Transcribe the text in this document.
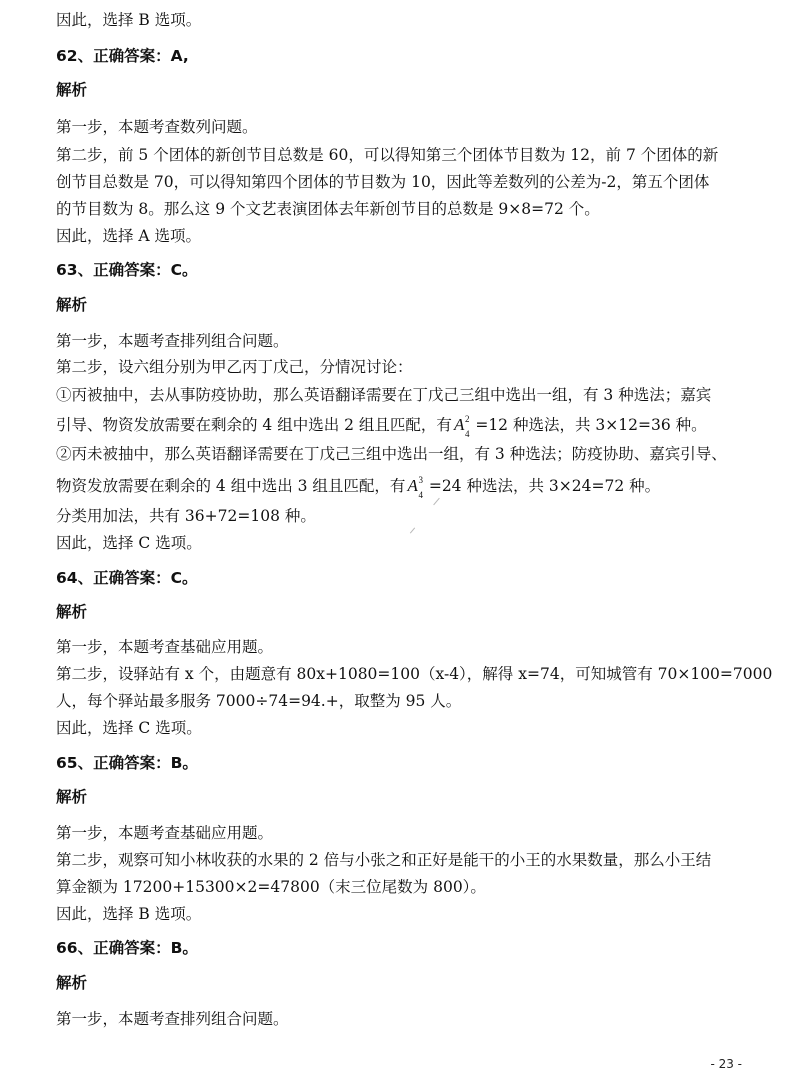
因此，选择 B 选项。
62、正确答案：A,
解析
第一步，本题考查数列问题。
第二步，前 5 个团体的新创节目总数是 60，可以得知第三个团体节目数为 12，前 7 个团体的新
创节目总数是 70，可以得知第四个团体的节目数为 10，因此等差数列的公差为-2，第五个团体
的节目数为 8。那么这 9 个文艺表演团体去年新创节目的总数是 9×8=72 个。
因此，选择 A 选项。
63、正确答案：C。
解析
第一步，本题考查排列组合问题。
第二步，设六组分别为甲乙丙丁戊己，分情况讨论：
①丙被抽中，去从事防疫协助，那么英语翻译需要在丁戊己三组中选出一组，有 3 种选法；嘉宾
引导、物资发放需要在剩余的 4 组中选出 2 组且匹配，有 A 2
4 =12 种选法，共 3×12=36 种。
②丙未被抽中，那么英语翻译需要在丁戊己三组中选出一组，有 3 种选法；防疫协助、嘉宾引导、
物资发放需要在剩余的 4 组中选出 3 组且匹配，有 A 3
4 =24 种选法，共 3×24=72 种。
分类用加法，共有 36+72=108 种。
因此，选择 C 选项。
64、正确答案：C。
解析
第一步，本题考查基础应用题。
第二步，设驿站有 x 个，由题意有 80x+1080=100（x-4），解得 x=74，可知城管有 70×100=7000
人，每个驿站最多服务 7000÷74=94.+，取整为 95 人。
因此，选择 C 选项。
65、正确答案：B。
解析
第一步，本题考查基础应用题。
第二步，观察可知小林收获的水果的 2 倍与小张之和正好是能干的小王的水果数量，那么小王结
算金额为 17200+15300×2=47800（末三位尾数为 800）。
因此，选择 B 选项。
66、正确答案：B。
解析
第一步，本题考查排列组合问题。
- 23 -
